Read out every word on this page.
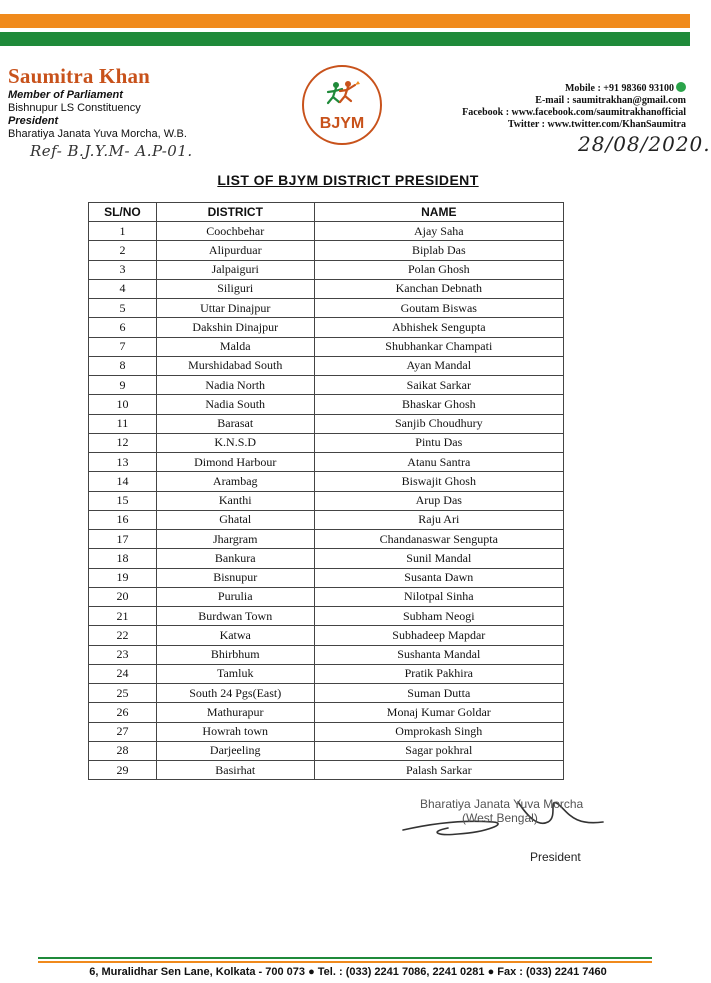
Saumitra Khan
Member of Parliament
Bishnupur LS Constituency
President
Bharatiya Janata Yuva Morcha, W.B.
Ref- B.J.Y.M- A.P-01.
BJYM
Mobile : +91 98360 93100
E-mail : saumitrakhan@gmail.com
Facebook : www.facebook.com/saumitrakhanofficial
Twitter : www.twitter.com/KhanSaumitra
28/08/2020.
LIST OF BJYM DISTRICT PRESIDENT
SL/NO	DISTRICT	NAME
1	Coochbehar	Ajay Saha
2	Alipurduar	Biplab Das
3	Jalpaiguri	Polan Ghosh
4	Siliguri	Kanchan Debnath
5	Uttar Dinajpur	Goutam Biswas
6	Dakshin Dinajpur	Abhishek Sengupta
7	Malda	Shubhankar Champati
8	Murshidabad South	Ayan Mandal
9	Nadia North	Saikat Sarkar
10	Nadia South	Bhaskar Ghosh
11	Barasat	Sanjib Choudhury
12	K.N.S.D	Pintu Das
13	Dimond Harbour	Atanu Santra
14	Arambag	Biswajit Ghosh
15	Kanthi	Arup Das
16	Ghatal	Raju Ari
17	Jhargram	Chandanaswar Sengupta
18	Bankura	Sunil Mandal
19	Bisnupur	Susanta Dawn
20	Purulia	Nilotpal Sinha
21	Burdwan Town	Subham Neogi
22	Katwa	Subhadeep Mapdar
23	Bhirbhum	Sushanta Mandal
24	Tamluk	Pratik Pakhira
25	South 24 Pgs(East)	Suman Dutta
26	Mathurapur	Monaj Kumar Goldar
27	Howrah town	Omprokash Singh
28	Darjeeling	Sagar pokhral
29	Basirhat	Palash Sarkar
Bharatiya Janata Yuva Morcha
(West Bengal)
President
6, Muralidhar Sen Lane, Kolkata - 700 073 ● Tel. : (033) 2241 7086, 2241 0281 ● Fax : (033) 2241 7460
